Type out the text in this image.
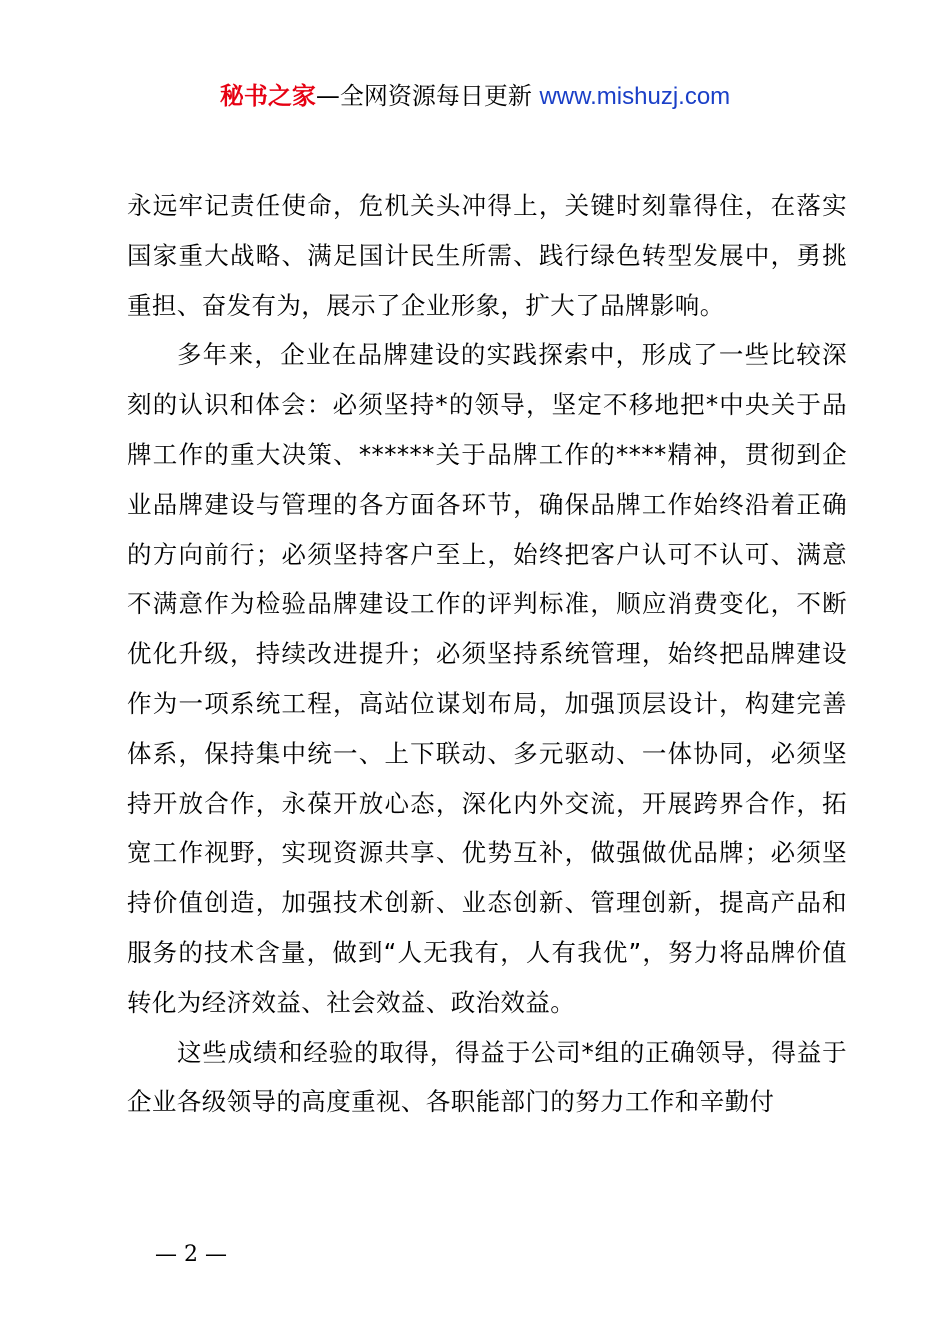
秘书之家—全网资源每日更新 www.mishuzj.com

永远牢记责任使命，危机关头冲得上，关键时刻靠得住，在落实国家重大战略、满足国计民生所需、践行绿色转型发展中，勇挑重担、奋发有为，展示了企业形象，扩大了品牌影响。

多年来，企业在品牌建设的实践探索中，形成了一些比较深刻的认识和体会：必须坚持*的领导，坚定不移地把*中央关于品牌工作的重大决策、******关于品牌工作的****精神，贯彻到企业品牌建设与管理的各方面各环节，确保品牌工作始终沿着正确的方向前行；必须坚持客户至上，始终把客户认可不认可、满意不满意作为检验品牌建设工作的评判标准，顺应消费变化，不断优化升级，持续改进提升；必须坚持系统管理，始终把品牌建设作为一项系统工程，高站位谋划布局，加强顶层设计，构建完善体系，保持集中统一、上下联动、多元驱动、一体协同，必须坚持开放合作，永葆开放心态，深化内外交流，开展跨界合作，拓宽工作视野，实现资源共享、优势互补，做强做优品牌；必须坚持价值创造，加强技术创新、业态创新、管理创新，提高产品和服务的技术含量，做到“人无我有，人有我优”，努力将品牌价值转化为经济效益、社会效益、政治效益。

这些成绩和经验的取得，得益于公司*组的正确领导，得益于企业各级领导的高度重视、各职能部门的努力工作和辛勤付

— 2 —
